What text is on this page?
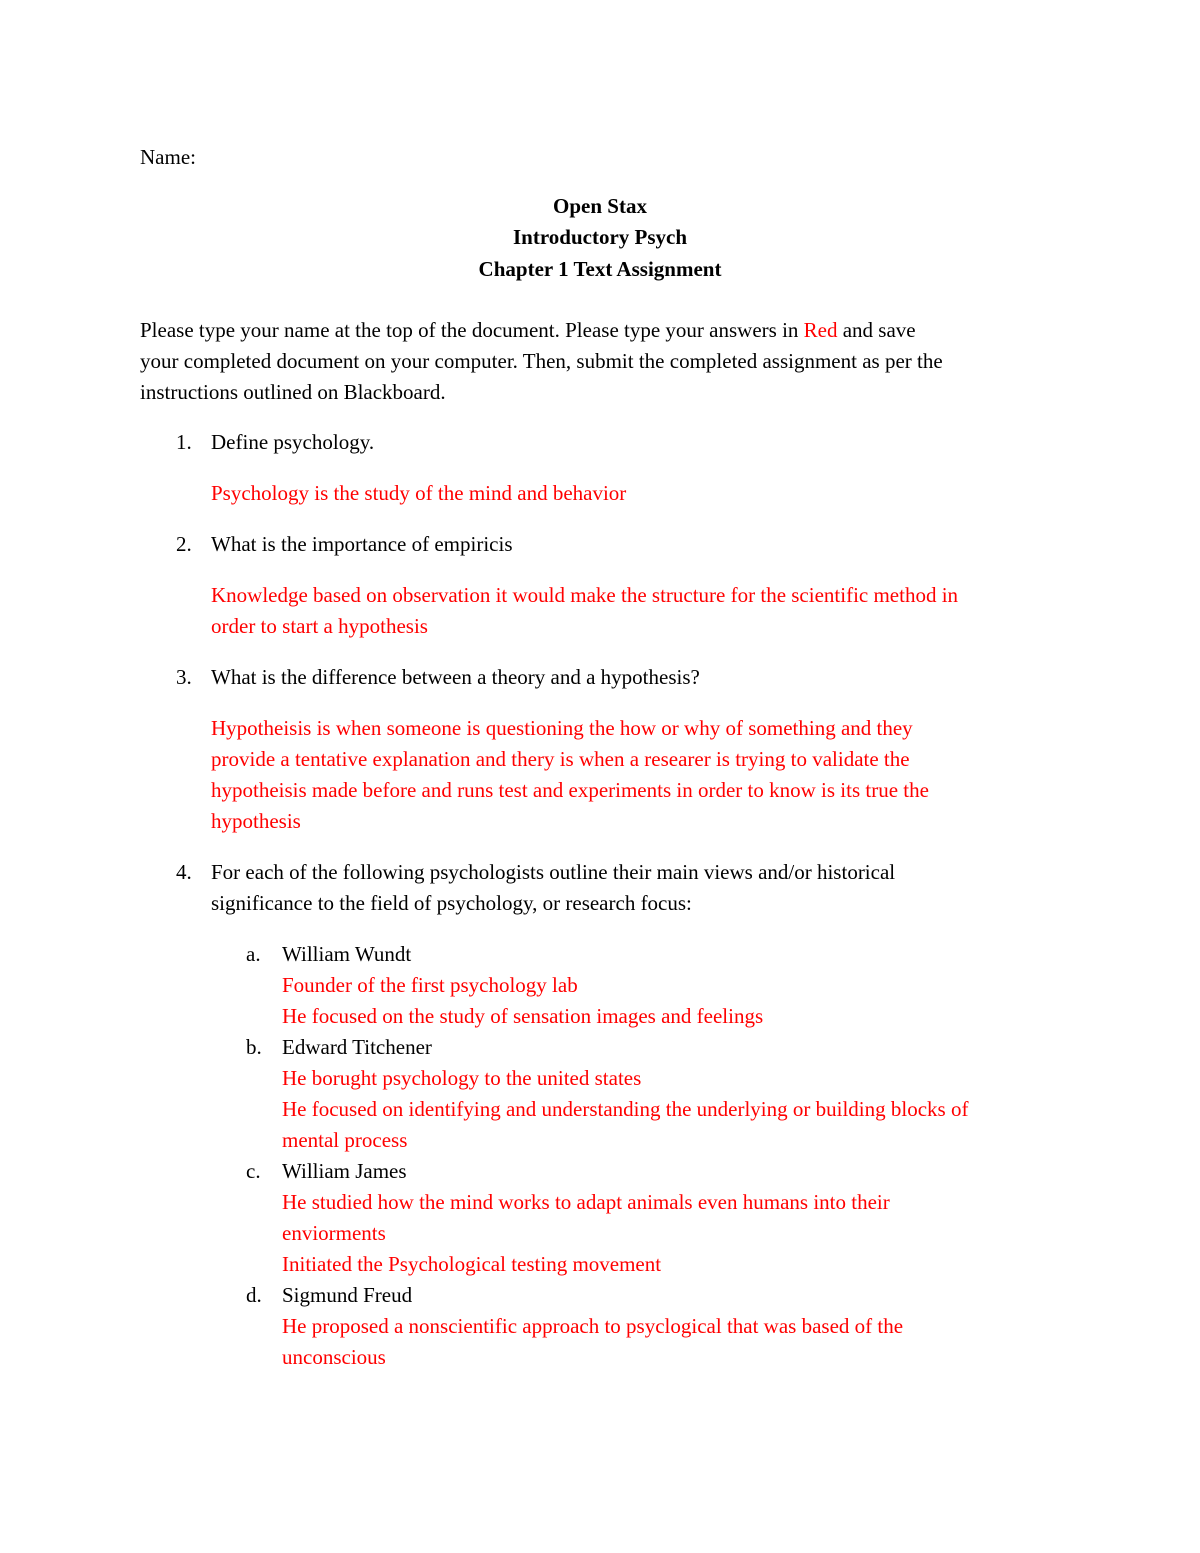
Name:
Open Stax
Introductory Psych
Chapter 1 Text Assignment
Please type your name at the top of the document. Please type your answers in Red and save
your completed document on your computer. Then, submit the completed assignment as per the
instructions outlined on Blackboard.
1. Define psychology.
Psychology is the study of the mind and behavior
2. What is the importance of empiricis
Knowledge based on observation it would make the structure for the scientific method in
order to start a hypothesis
3. What is the difference between a theory and a hypothesis?
Hypotheisis is when someone is questioning the how or why of something and they
provide a tentative explanation and thery is when a researer is trying to validate the
hypotheisis made before and runs test and experiments in order to know is its true the
hypothesis
4. For each of the following psychologists outline their main views and/or historical
significance to the field of psychology, or research focus:
a. William Wundt
Founder of the first psychology lab
He focused on the study of sensation images and feelings
b. Edward Titchener
He borught psychology to the united states
He focused on identifying and understanding the underlying or building blocks of
mental process
c. William James
He studied how the mind works to adapt animals even humans into their
enviorments
Initiated the Psychological testing movement
d. Sigmund Freud
He proposed a nonscientific approach to psyclogical that was based of the
unconscious
